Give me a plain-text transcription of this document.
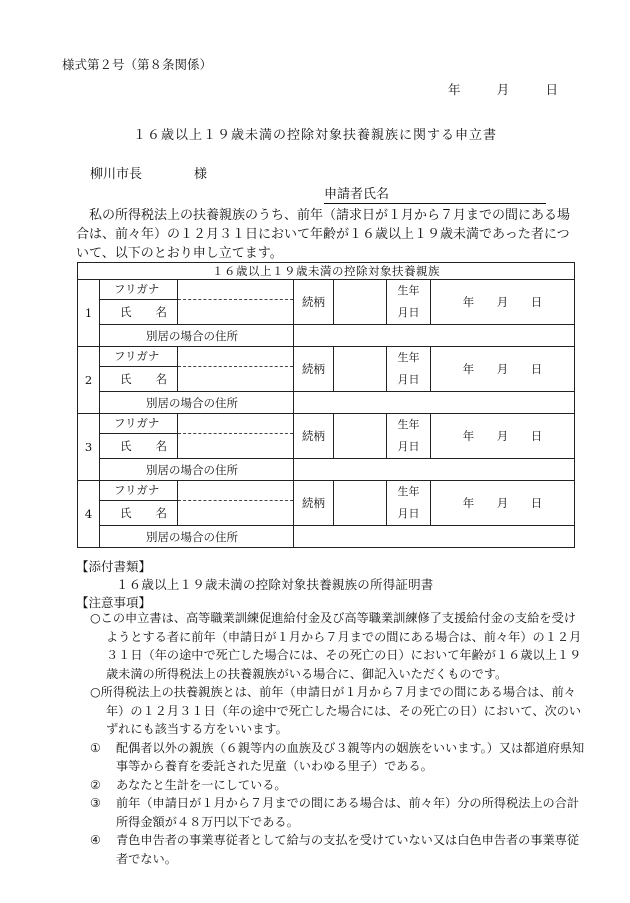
様式第２号（第８条関係）
年	月	日
１６歳以上１９歳未満の控除対象扶養親族に関する申立書
柳川市長	様
申請者氏名

私の所得税法上の扶養親族のうち、前年（請求日が１月から７月までの間にある場合は、前々年）の１２月３１日において年齢が１６歳以上１９歳未満であった者について、以下のとおり申し立てます。

１６歳以上１９歳未満の控除対象扶養親族						
1	フリガナ		続柄		生年
月日	年 月 日
	氏 名					
	別居の場合の住所					
2	フリガナ		続柄		生年
月日	年 月 日
	氏 名					
	別居の場合の住所					
3	フリガナ		続柄		生年
月日	年 月 日
	氏 名					
	別居の場合の住所					
4	フリガナ		続柄		生年
月日	年 月 日
	氏 名					
	別居の場合の住所					
【添付書類】
１６歳以上１９歳未満の控除対象扶養親族の所得証明書
【注意事項】
○この申立書は、高等職業訓練促進給付金及び高等職業訓練修了支援給付金の支給を受けようとする者に前年（申請日が１月から７月までの間にある場合は、前々年）の１２月３１日（年の途中で死亡した場合には、その死亡の日）において年齢が１６歳以上１９歳未満の所得税法上の扶養親族がいる場合に、御記入いただくものです。
○所得税法上の扶養親族とは、前年（申請日が１月から７月までの間にある場合は、前々年）の１２月３１日（年の途中で死亡した場合には、その死亡の日）において、次のいずれにも該当する方をいいます。
①	配偶者以外の親族（６親等内の血族及び３親等内の姻族をいいます。）又は都道府県知事等から養育を委託された児童（いわゆる里子）である。
②	あなたと生計を一にしている。
③	前年（申請日が１月から７月までの間にある場合は、前々年）分の所得税法上の合計所得金額が４８万円以下である。
④	青色申告者の事業専従者として給与の支払を受けていない又は白色申告者の事業専従者でない。
